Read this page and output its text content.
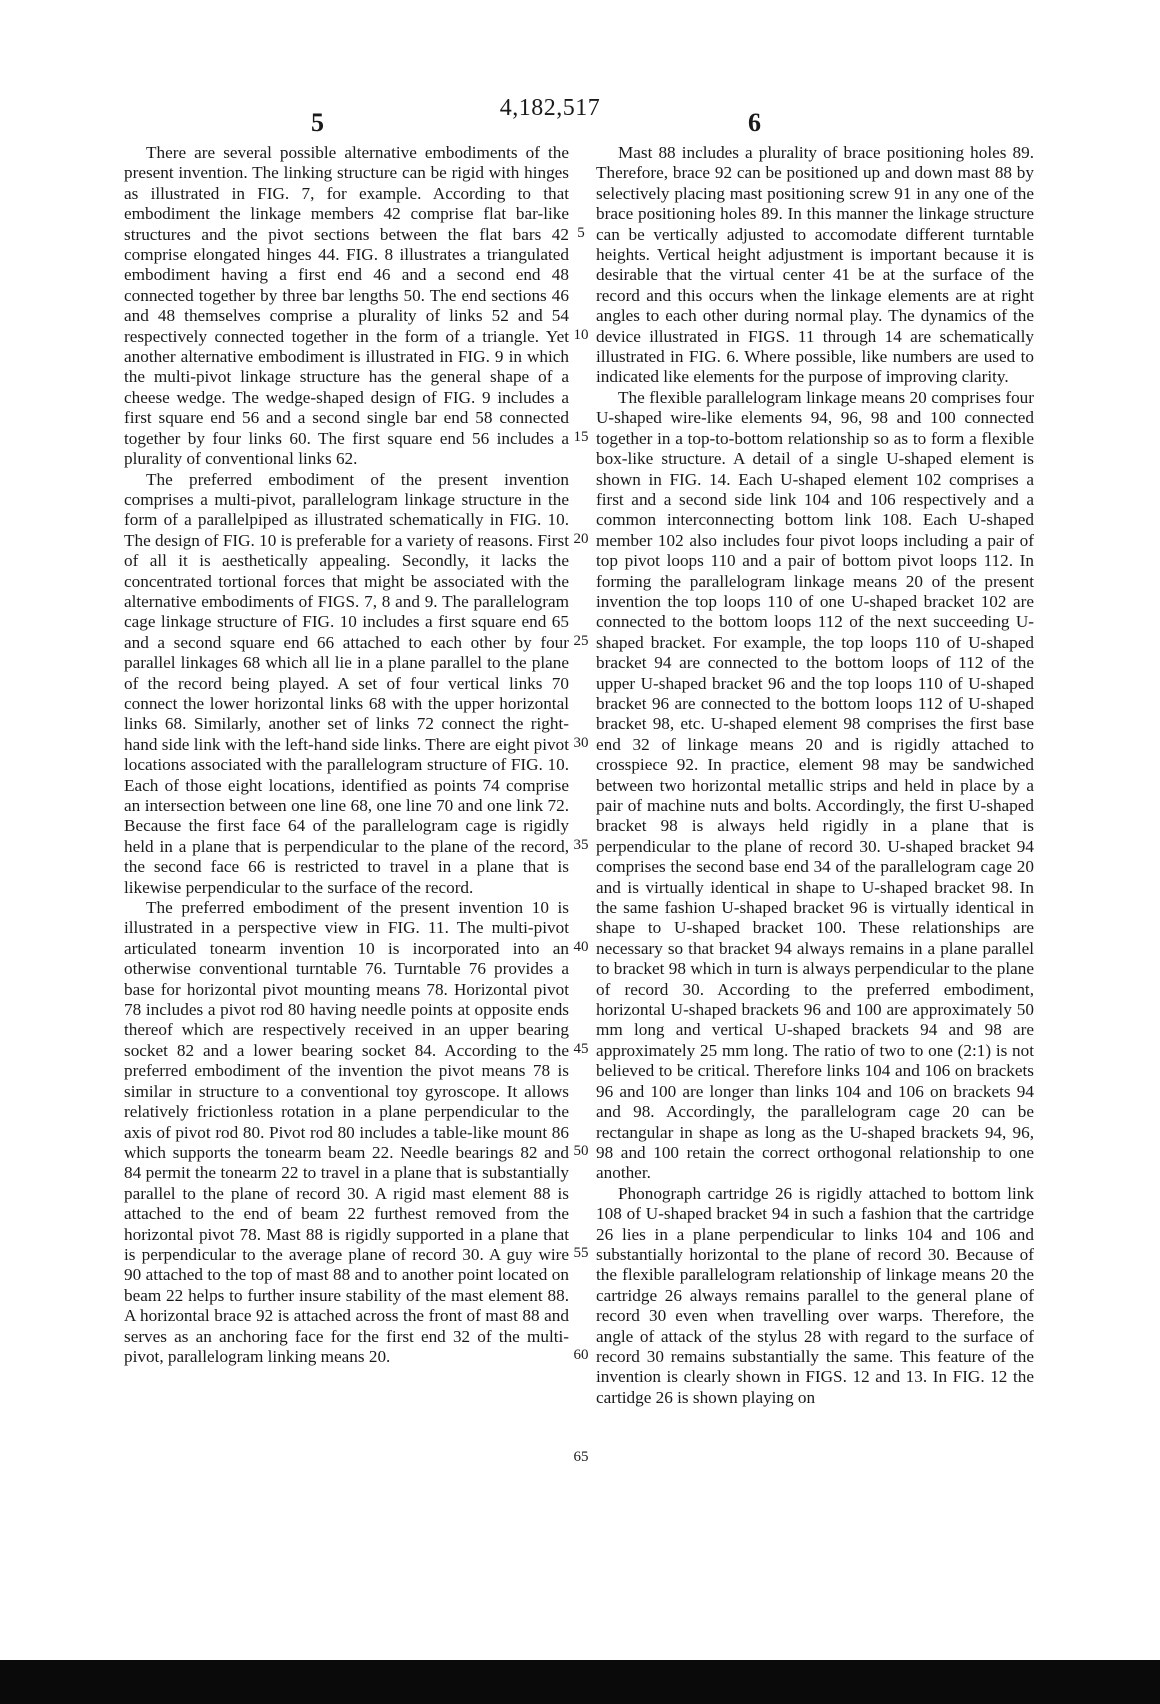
5	4,182,517	6

There are several possible alternative embodiments of the present invention. The linking structure can be rigid with hinges as illustrated in FIG. 7, for example. According to that embodiment the linkage members 42 comprise flat bar-like structures and the pivot sections between the flat bars 42 comprise elongated hinges 44. FIG. 8 illustrates a triangulated embodiment having a first end 46 and a second end 48 connected together by three bar lengths 50. The end sections 46 and 48 themselves comprise a plurality of links 52 and 54 respectively connected together in the form of a triangle. Yet another alternative embodiment is illustrated in FIG. 9 in which the multi-pivot linkage structure has the general shape of a cheese wedge. The wedge-shaped design of FIG. 9 includes a first square end 56 and a second single bar end 58 connected together by four links 60. The first square end 56 includes a plurality of conventional links 62.

The preferred embodiment of the present invention comprises a multi-pivot, parallelogram linkage structure in the form of a parallelpiped as illustrated schematically in FIG. 10. The design of FIG. 10 is preferable for a variety of reasons. First of all it is aesthetically appealing. Secondly, it lacks the concentrated tortional forces that might be associated with the alternative embodiments of FIGS. 7, 8 and 9. The parallelogram cage linkage structure of FIG. 10 includes a first square end 65 and a second square end 66 attached to each other by four parallel linkages 68 which all lie in a plane parallel to the plane of the record being played. A set of four vertical links 70 connect the lower horizontal links 68 with the upper horizontal links 68. Similarly, another set of links 72 connect the right-hand side link with the left-hand side links. There are eight pivot locations associated with the parallelogram structure of FIG. 10. Each of those eight locations, identified as points 74 comprise an intersection between one line 68, one line 70 and one link 72. Because the first face 64 of the parallelogram cage is rigidly held in a plane that is perpendicular to the plane of the record, the second face 66 is restricted to travel in a plane that is likewise perpendicular to the surface of the record.

The preferred embodiment of the present invention 10 is illustrated in a perspective view in FIG. 11. The multi-pivot articulated tonearm invention 10 is incorporated into an otherwise conventional turntable 76. Turntable 76 provides a base for horizontal pivot mounting means 78. Horizontal pivot 78 includes a pivot rod 80 having needle points at opposite ends thereof which are respectively received in an upper bearing socket 82 and a lower bearing socket 84. According to the preferred embodiment of the invention the pivot means 78 is similar in structure to a conventional toy gyroscope. It allows relatively frictionless rotation in a plane perpendicular to the axis of pivot rod 80. Pivot rod 80 includes a table-like mount 86 which supports the tonearm beam 22. Needle bearings 82 and 84 permit the tonearm 22 to travel in a plane that is substantially parallel to the plane of record 30. A rigid mast element 88 is attached to the end of beam 22 furthest removed from the horizontal pivot 78. Mast 88 is rigidly supported in a plane that is perpendicular to the average plane of record 30. A guy wire 90 attached to the top of mast 88 and to another point located on beam 22 helps to further insure stability of the mast element 88. A horizontal brace 92 is attached across the front of mast 88 and serves as an anchoring face for the first end 32 of the multi-pivot, parallelogram linking means 20.

5
10
15
20
25
30
35
40
45
50
55
60
65

Mast 88 includes a plurality of brace positioning holes 89. Therefore, brace 92 can be positioned up and down mast 88 by selectively placing mast positioning screw 91 in any one of the brace positioning holes 89. In this manner the linkage structure can be vertically adjusted to accomodate different turntable heights. Vertical height adjustment is important because it is desirable that the virtual center 41 be at the surface of the record and this occurs when the linkage elements are at right angles to each other during normal play. The dynamics of the device illustrated in FIGS. 11 through 14 are schematically illustrated in FIG. 6. Where possible, like numbers are used to indicated like elements for the purpose of improving clarity.

The flexible parallelogram linkage means 20 comprises four U-shaped wire-like elements 94, 96, 98 and 100 connected together in a top-to-bottom relationship so as to form a flexible box-like structure. A detail of a single U-shaped element is shown in FIG. 14. Each U-shaped element 102 comprises a first and a second side link 104 and 106 respectively and a common interconnecting bottom link 108. Each U-shaped member 102 also includes four pivot loops including a pair of top pivot loops 110 and a pair of bottom pivot loops 112. In forming the parallelogram linkage means 20 of the present invention the top loops 110 of one U-shaped bracket 102 are connected to the bottom loops 112 of the next succeeding U-shaped bracket. For example, the top loops 110 of U-shaped bracket 94 are connected to the bottom loops of 112 of the upper U-shaped bracket 96 and the top loops 110 of U-shaped bracket 96 are connected to the bottom loops 112 of U-shaped bracket 98, etc. U-shaped element 98 comprises the first base end 32 of linkage means 20 and is rigidly attached to crosspiece 92. In practice, element 98 may be sandwiched between two horizontal metallic strips and held in place by a pair of machine nuts and bolts. Accordingly, the first U-shaped bracket 98 is always held rigidly in a plane that is perpendicular to the plane of record 30. U-shaped bracket 94 comprises the second base end 34 of the parallelogram cage 20 and is virtually identical in shape to U-shaped bracket 98. In the same fashion U-shaped bracket 96 is virtually identical in shape to U-shaped bracket 100. These relationships are necessary so that bracket 94 always remains in a plane parallel to bracket 98 which in turn is always perpendicular to the plane of record 30. According to the preferred embodiment, horizontal U-shaped brackets 96 and 100 are approximately 50 mm long and vertical U-shaped brackets 94 and 98 are approximately 25 mm long. The ratio of two to one (2:1) is not believed to be critical. Therefore links 104 and 106 on brackets 96 and 100 are longer than links 104 and 106 on brackets 94 and 98. Accordingly, the parallelogram cage 20 can be rectangular in shape as long as the U-shaped brackets 94, 96, 98 and 100 retain the correct orthogonal relationship to one another.

Phonograph cartridge 26 is rigidly attached to bottom link 108 of U-shaped bracket 94 in such a fashion that the cartridge 26 lies in a plane perpendicular to links 104 and 106 and substantially horizontal to the plane of record 30. Because of the flexible parallelogram relationship of linkage means 20 the cartridge 26 always remains parallel to the general plane of record 30 even when travelling over warps. Therefore, the angle of attack of the stylus 28 with regard to the surface of record 30 remains substantially the same. This feature of the invention is clearly shown in FIGS. 12 and 13. In FIG. 12 the cartidge 26 is shown playing on
